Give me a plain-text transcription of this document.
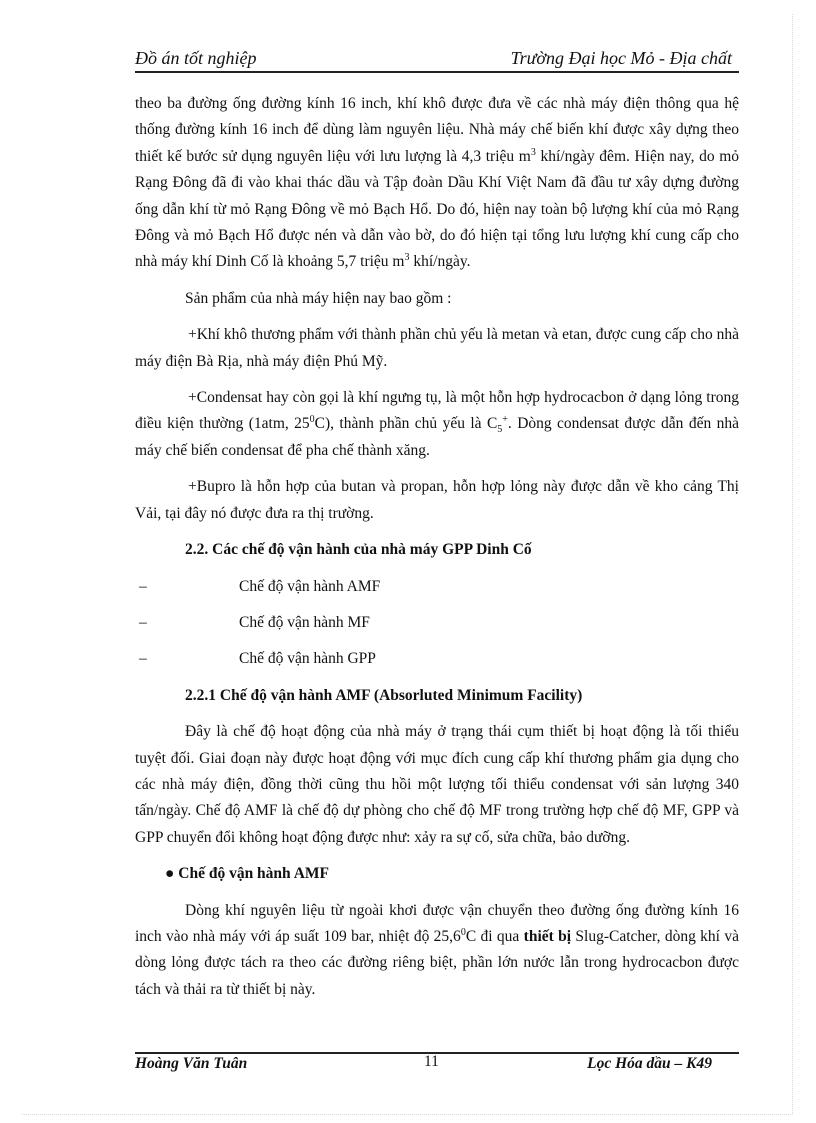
Đồ án tốt nghiệp	Trường Đại học Mỏ - Địa chất

theo ba đường ống đường kính 16 inch, khí khô được đưa về các nhà máy điện thông qua hệ thống đường kính 16 inch để dùng làm nguyên liệu. Nhà máy chế biến khí được xây dựng theo thiết kế bước sử dụng nguyên liệu với lưu lượng là 4,3 triệu $m^3$ khí/ngày đêm. Hiện nay, do mỏ Rạng Đông đã đi vào khai thác dầu và Tập đoàn Dầu Khí Việt Nam đã đầu tư xây dựng đường ống dẫn khí từ mỏ Rạng Đông về mỏ Bạch Hổ. Do đó, hiện nay toàn bộ lượng khí của mỏ Rạng Đông và mỏ Bạch Hổ được nén và dẫn vào bờ, do đó hiện tại tổng lưu lượng khí cung cấp cho nhà máy khí Dinh Cố là khoảng 5,7 triệu $m^3$ khí/ngày.

Sản phẩm của nhà máy hiện nay bao gồm :

+Khí khô thương phẩm với thành phần chủ yếu là metan và etan, được cung cấp cho nhà máy điện Bà Rịa, nhà máy điện Phú Mỹ.

+Condensat hay còn gọi là khí ngưng tụ, là một hỗn hợp hydrocacbon ở dạng lỏng trong điều kiện thường (1atm, $25^0C$), thành phần chủ yếu là $C_5^+$. Dòng condensat được dẫn đến nhà máy chế biến condensat để pha chế thành xăng.

+Bupro là hỗn hợp của butan và propan, hỗn hợp lỏng này được dẫn về kho cảng Thị Vải, tại đây nó được đưa ra thị trường.

2.2. Các chế độ vận hành của nhà máy GPP Dinh Cố

–	Chế độ vận hành AMF
–	Chế độ vận hành MF
–	Chế độ vận hành GPP

2.2.1 Chế độ vận hành AMF (Absorluted Minimum Facility)

Đây là chế độ hoạt động của nhà máy ở trạng thái cụm thiết bị hoạt động là tối thiểu tuyệt đối. Giai đoạn này được hoạt động với mục đích cung cấp khí thương phẩm gia dụng cho các nhà máy điện, đồng thời cũng thu hồi một lượng tối thiểu condensat với sản lượng 340 tấn/ngày. Chế độ AMF là chế độ dự phòng cho chế độ MF trong trường hợp chế độ MF, GPP và GPP chuyển đổi không hoạt động được như: xảy ra sự cố, sửa chữa, bảo dưỡng.

● Chế độ vận hành AMF

Dòng khí nguyên liệu từ ngoài khơi được vận chuyển theo đường ống đường kính 16 inch vào nhà máy với áp suất 109 bar, nhiệt độ 25,6$^0$C đi qua thiết bị Slug-Catcher, dòng khí và dòng lỏng được tách ra theo các đường riêng biệt, phần lớn nước lẫn trong hydrocacbon được tách và thải ra từ thiết bị này.

Hoàng Văn Tuân	11	Lọc Hóa dầu – K49
